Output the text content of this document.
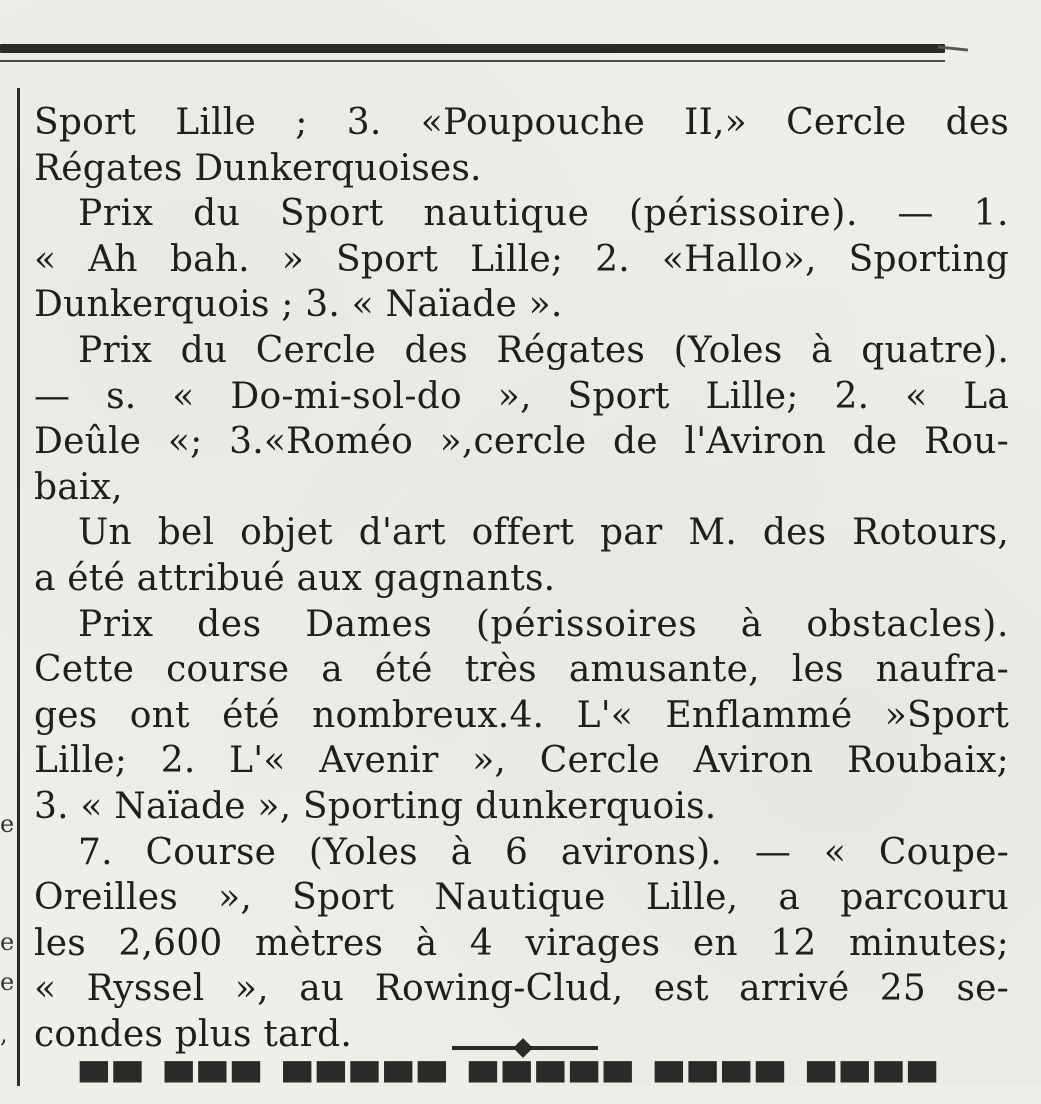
e
e
e
,
Sport Lille ; 3. «Poupouche II,» Cercle des
Régates Dunkerquoises.
Prix du Sport nautique (périssoire). — 1.
« Ah bah. » Sport Lille; 2. «Hallo», Sporting
Dunkerquois ; 3. « Naïade ».
Prix du Cercle des Régates (Yoles à quatre).
— s. « Do-mi-sol-do », Sport Lille; 2. « La
Deûle «; 3.«Roméo »,cercle de l'Aviron de Rou-
baix,
Un bel objet d'art offert par M. des Rotours,
a été attribué aux gagnants.
Prix des Dames (périssoires à obstacles).
Cette course a été très amusante, les naufra-
ges ont été nombreux.4. L'« Enflammé »Sport
Lille; 2. L'« Avenir », Cercle Aviron Roubaix;
3. « Naïade », Sporting dunkerquois.
7. Course (Yoles à 6 avirons). — « Coupe-
Oreilles », Sport Nautique Lille, a parcouru
les 2,600 mètres à 4 virages en 12 minutes;
« Ryssel », au Rowing-Clud, est arrivé 25 se-
condes plus tard.
▀▀ ▀▀▀ ▀▀▀▀▀ ▀▀▀▀▀ ▀▀▀▀ ▀▀▀▀
